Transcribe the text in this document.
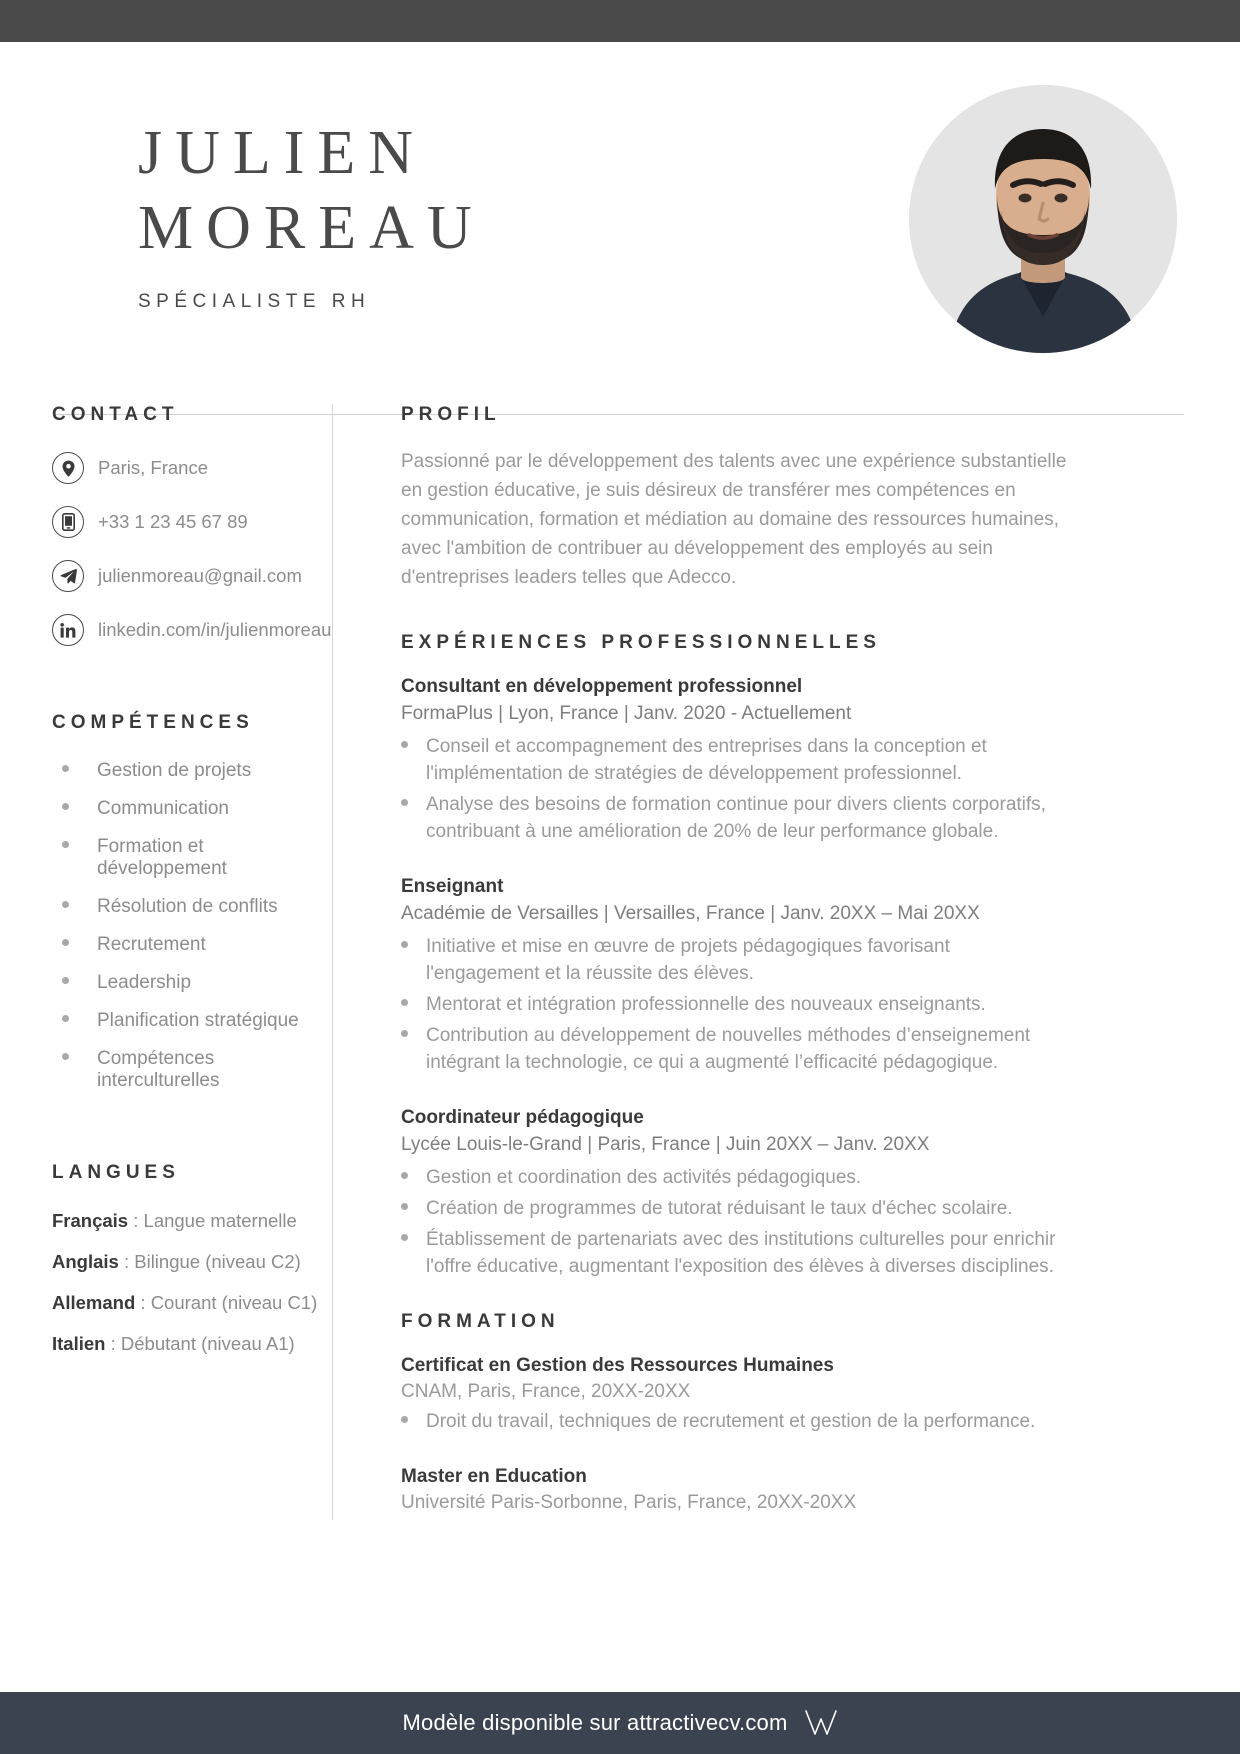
JULIEN
MOREAU
SPÉCIALISTE RH
CONTACT
Paris, France
+33 1 23 45 67 89
julienmoreau@gnail.com
linkedin.com/in/julienmoreau
COMPÉTENCES
Gestion de projets
Communication
Formation et développement
Résolution de conflits
Recrutement
Leadership
Planification stratégique
Compétences interculturelles
LANGUES
Français : Langue maternelle
Anglais : Bilingue (niveau C2)
Allemand : Courant (niveau C1)
Italien : Débutant (niveau A1)
PROFIL
Passionné par le développement des talents avec une expérience substantielle en gestion éducative, je suis désireux de transférer mes compétences en communication, formation et médiation au domaine des ressources humaines, avec l'ambition de contribuer au développement des employés au sein d'entreprises leaders telles que Adecco.
EXPÉRIENCES PROFESSIONNELLES
Consultant en développement professionnel
FormaPlus | Lyon, France | Janv. 2020 - Actuellement
Conseil et accompagnement des entreprises dans la conception et l'implémentation de stratégies de développement professionnel.
Analyse des besoins de formation continue pour divers clients corporatifs, contribuant à une amélioration de 20% de leur performance globale.
Enseignant
Académie de Versailles | Versailles, France | Janv. 20XX – Mai 20XX
Initiative et mise en œuvre de projets pédagogiques favorisant l'engagement et la réussite des élèves.
Mentorat et intégration professionnelle des nouveaux enseignants.
Contribution au développement de nouvelles méthodes d’enseignement intégrant la technologie, ce qui a augmenté l’efficacité pédagogique.
Coordinateur pédagogique
Lycée Louis-le-Grand | Paris, France | Juin 20XX – Janv. 20XX
Gestion et coordination des activités pédagogiques.
Création de programmes de tutorat réduisant le taux d'échec scolaire.
Établissement de partenariats avec des institutions culturelles pour enrichir l'offre éducative, augmentant l'exposition des élèves à diverses disciplines.
FORMATION
Certificat en Gestion des Ressources Humaines
CNAM, Paris, France, 20XX-20XX
Droit du travail, techniques de recrutement et gestion de la performance.
Master en Education
Université Paris-Sorbonne, Paris, France, 20XX-20XX
Modèle disponible sur attractivecv.com
